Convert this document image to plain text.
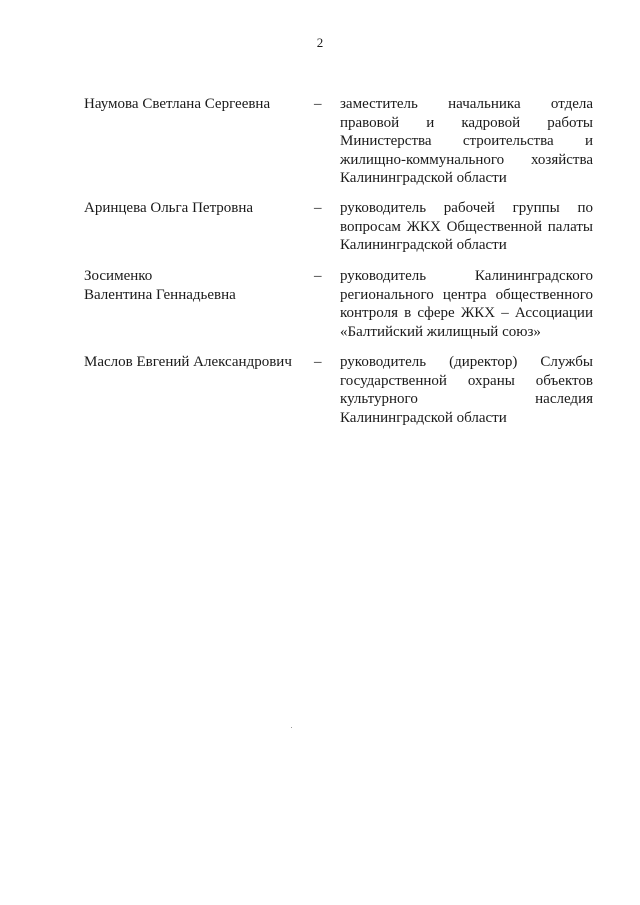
2
Наумова Светлана Сергеевна	– заместитель начальника отдела
правовой и кадровой работы
Министерства строительства и
жилищно-коммунального хозяйства
Калининградской области
Аринцева Ольга Петровна	– руководитель рабочей группы по
вопросам ЖКХ Общественной палаты
Калининградской области
Зосименко
Валентина Геннадьевна
– руководитель Калининградского
регионального центра общественного
контроля в сфере ЖКХ – Ассоциации
«Балтийский жилищный союз»
Маслов Евгений Александрович	– руководитель (директор) Службы
государственной охраны объектов
культурного наследия
Калининградской области
